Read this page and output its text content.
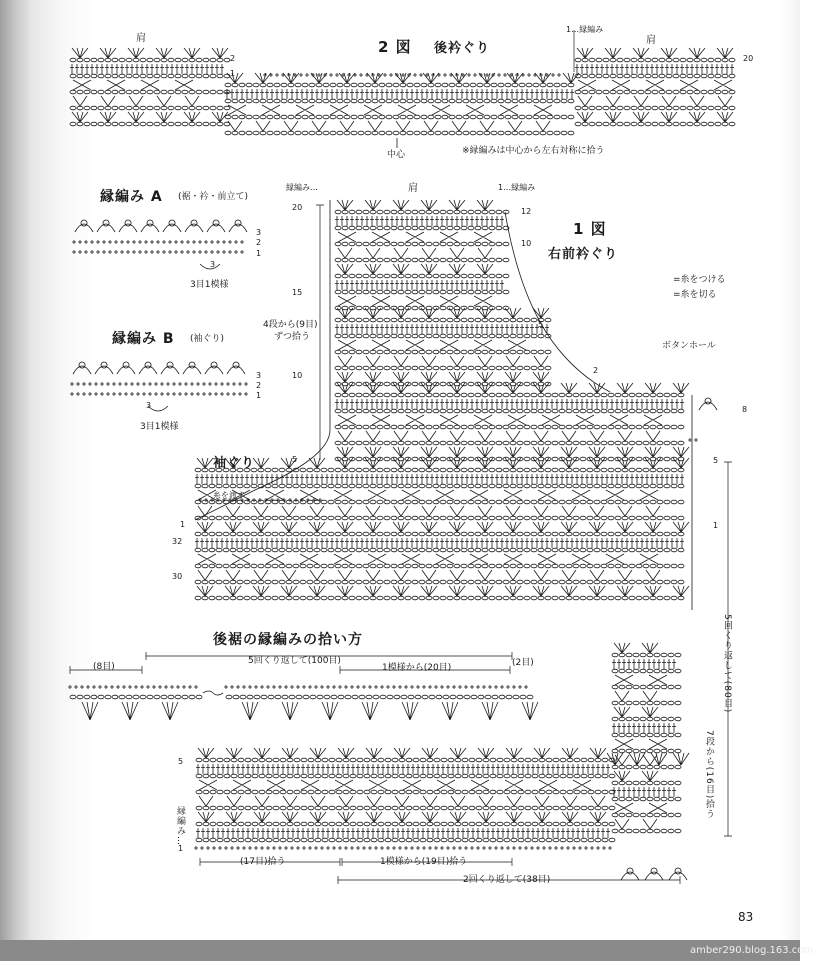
2 図 後衿ぐり
肩	肩
1…縁編み
2
1
20
中心	※縁編みは中心から左右対称に拾う
縁編み A (裾・衿・前立て)
3
2
1
3
3目1模様
縁編み B (袖ぐり)
3
2
1
3
3目1模様
1 図
右前衿ぐり
肩
縁編み…	1…縁編み
20
15
10
5
12
10
5
2
8
5
1
4段から(9目)
ずつ拾う
=糸をつける
=糸を切る
ボタンホール
袖ぐり
糸を渡す
1
32
30
5回くり返して(80目)
7段から(16目)拾う
後裾の縁編みの拾い方
(8目)
5回くり返して(100目)
1模様から(20目)	(2目)
縁編み…
5
1
(17目)拾う	1模様から(19目)拾う
2回くり返して(38目)
83
amber290.blog.163.com
